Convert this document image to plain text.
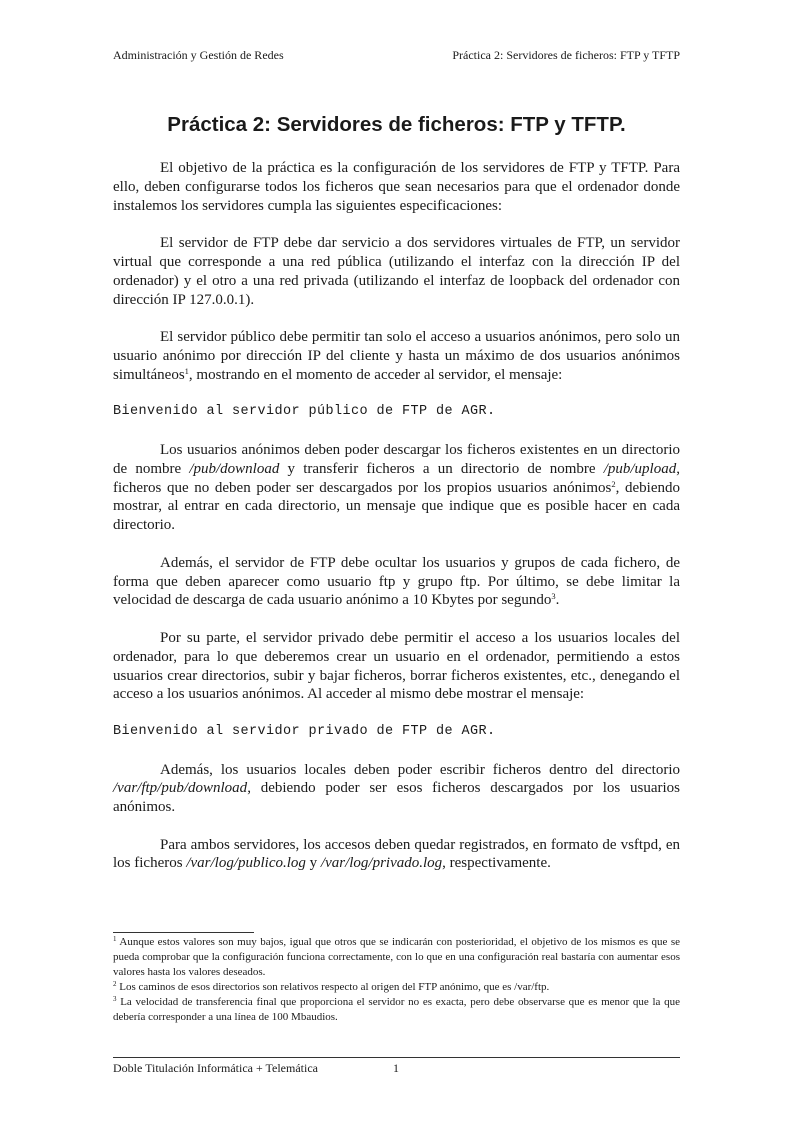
Administración y Gestión de Redes	Práctica 2: Servidores de ficheros: FTP y TFTP
Práctica 2: Servidores de ficheros: FTP y TFTP.

El objetivo de la práctica es la configuración de los servidores de FTP y TFTP. Para ello, deben configurarse todos los ficheros que sean necesarios para que el ordenador donde instalemos los servidores cumpla las siguientes especificaciones:

El servidor de FTP debe dar servicio a dos servidores virtuales de FTP, un servidor virtual que corresponde a una red pública (utilizando el interfaz con la dirección IP del ordenador) y el otro a una red privada (utilizando el interfaz de loopback del ordenador con dirección IP 127.0.0.1).

El servidor público debe permitir tan solo el acceso a usuarios anónimos, pero solo un usuario anónimo por dirección IP del cliente y hasta un máximo de dos usuarios anónimos simultáneos$^1$, mostrando en el momento de acceder al servidor, el mensaje:

Bienvenido al servidor público de FTP de AGR.

Los usuarios anónimos deben poder descargar los ficheros existentes en un directorio de nombre /pub/download y transferir ficheros a un directorio de nombre /pub/upload, ficheros que no deben poder ser descargados por los propios usuarios anónimos$^2$, debiendo mostrar, al entrar en cada directorio, un mensaje que indique que es posible hacer en cada directorio.

Además, el servidor de FTP debe ocultar los usuarios y grupos de cada fichero, de forma que deben aparecer como usuario ftp y grupo ftp. Por último, se debe limitar la velocidad de descarga de cada usuario anónimo a 10 Kbytes por segundo$^3$.

Por su parte, el servidor privado debe permitir el acceso a los usuarios locales del ordenador, para lo que deberemos crear un usuario en el ordenador, permitiendo a estos usuarios crear directorios, subir y bajar ficheros, borrar ficheros existentes, etc., denegando el acceso a los usuarios anónimos. Al acceder al mismo debe mostrar el mensaje:

Bienvenido al servidor privado de FTP de AGR.

Además, los usuarios locales deben poder escribir ficheros dentro del directorio /var/ftp/pub/download, debiendo poder ser esos ficheros descargados por los usuarios anónimos.

Para ambos servidores, los accesos deben quedar registrados, en formato de vsftpd, en los ficheros /var/log/publico.log y /var/log/privado.log, respectivamente.

$^1$ Aunque estos valores son muy bajos, igual que otros que se indicarán con posterioridad, el objetivo de los mismos es que se pueda comprobar que la configuración funciona correctamente, con lo que en una configuración real bastaría con aumentar esos valores hasta los valores deseados.
$^2$ Los caminos de esos directorios son relativos respecto al origen del FTP anónimo, que es /var/ftp.
$^3$ La velocidad de transferencia final que proporciona el servidor no es exacta, pero debe observarse que es menor que la que debería corresponder a una línea de 100 Mbaudios.
Doble Titulación Informática + Telemática	1
